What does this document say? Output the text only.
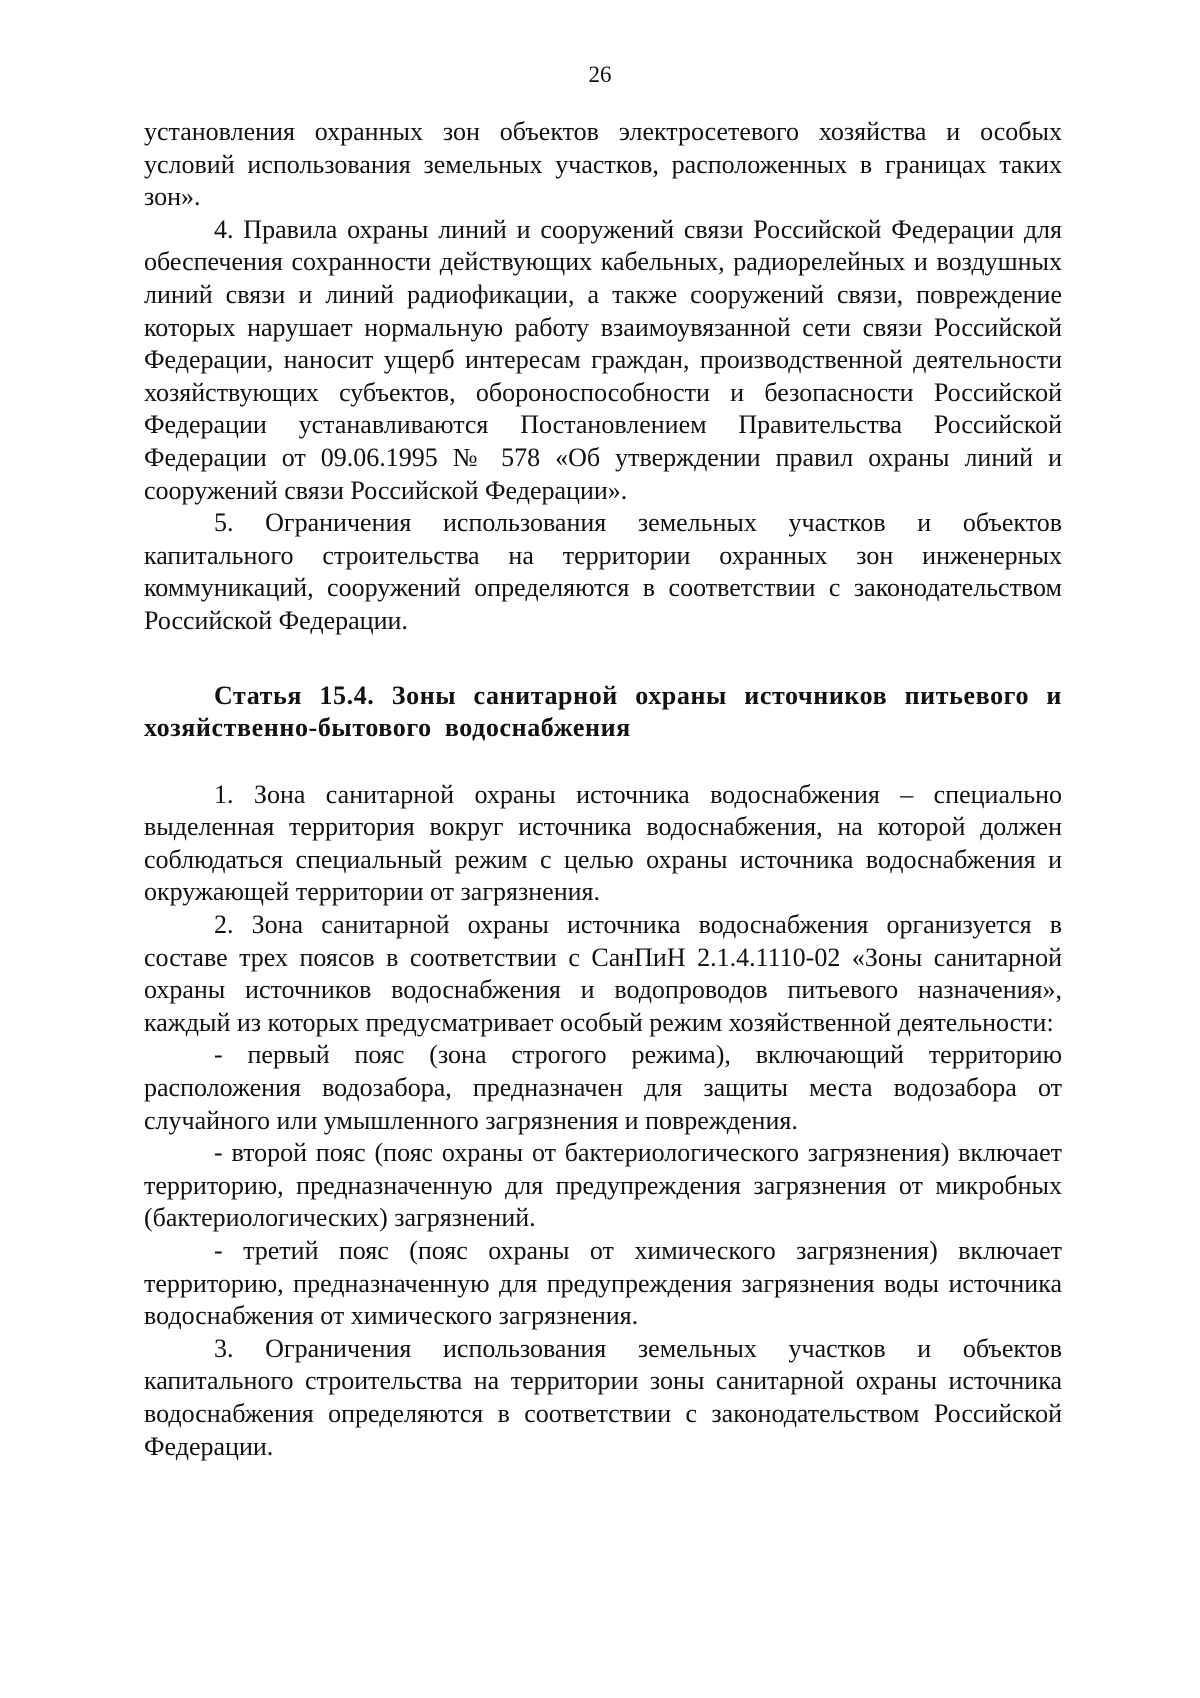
26

установления охранных зон объектов электросетевого хозяйства и особых условий использования земельных участков, расположенных в границах таких зон».

4. Правила охраны линий и сооружений связи Российской Федерации для обеспечения сохранности действующих кабельных, радиорелейных и воздушных линий связи и линий радиофикации, а также сооружений связи, повреждение которых нарушает нормальную работу взаимоувязанной сети связи Российской Федерации, наносит ущерб интересам граждан, производственной деятельности хозяйствующих субъектов, обороноспособности и безопасности Российской Федерации устанавливаются Постановлением Правительства Российской Федерации от 09.06.1995 № 578 «Об утверждении правил охраны линий и сооружений связи Российской Федерации».

5. Ограничения использования земельных участков и объектов капитального строительства на территории охранных зон инженерных коммуникаций, сооружений определяются в соответствии с законодательством Российской Федерации.

Статья 15.4. Зоны санитарной охраны источников питьевого и хозяйственно-бытового водоснабжения

1. Зона санитарной охраны источника водоснабжения – специально выделенная территория вокруг источника водоснабжения, на которой должен соблюдаться специальный режим с целью охраны источника водоснабжения и окружающей территории от загрязнения.

2. Зона санитарной охраны источника водоснабжения организуется в составе трех поясов в соответствии с СанПиН 2.1.4.1110-02 «Зоны санитарной охраны источников водоснабжения и водопроводов питьевого назначения», каждый из которых предусматривает особый режим хозяйственной деятельности:

- первый пояс (зона строгого режима), включающий территорию расположения водозабора, предназначен для защиты места водозабора от случайного или умышленного загрязнения и повреждения.

- второй пояс (пояс охраны от бактериологического загрязнения) включает территорию, предназначенную для предупреждения загрязнения от микробных (бактериологических) загрязнений.

- третий пояс (пояс охраны от химического загрязнения) включает территорию, предназначенную для предупреждения загрязнения воды источника водоснабжения от химического загрязнения.

3. Ограничения использования земельных участков и объектов капитального строительства на территории зоны санитарной охраны источника водоснабжения определяются в соответствии с законодательством Российской Федерации.
